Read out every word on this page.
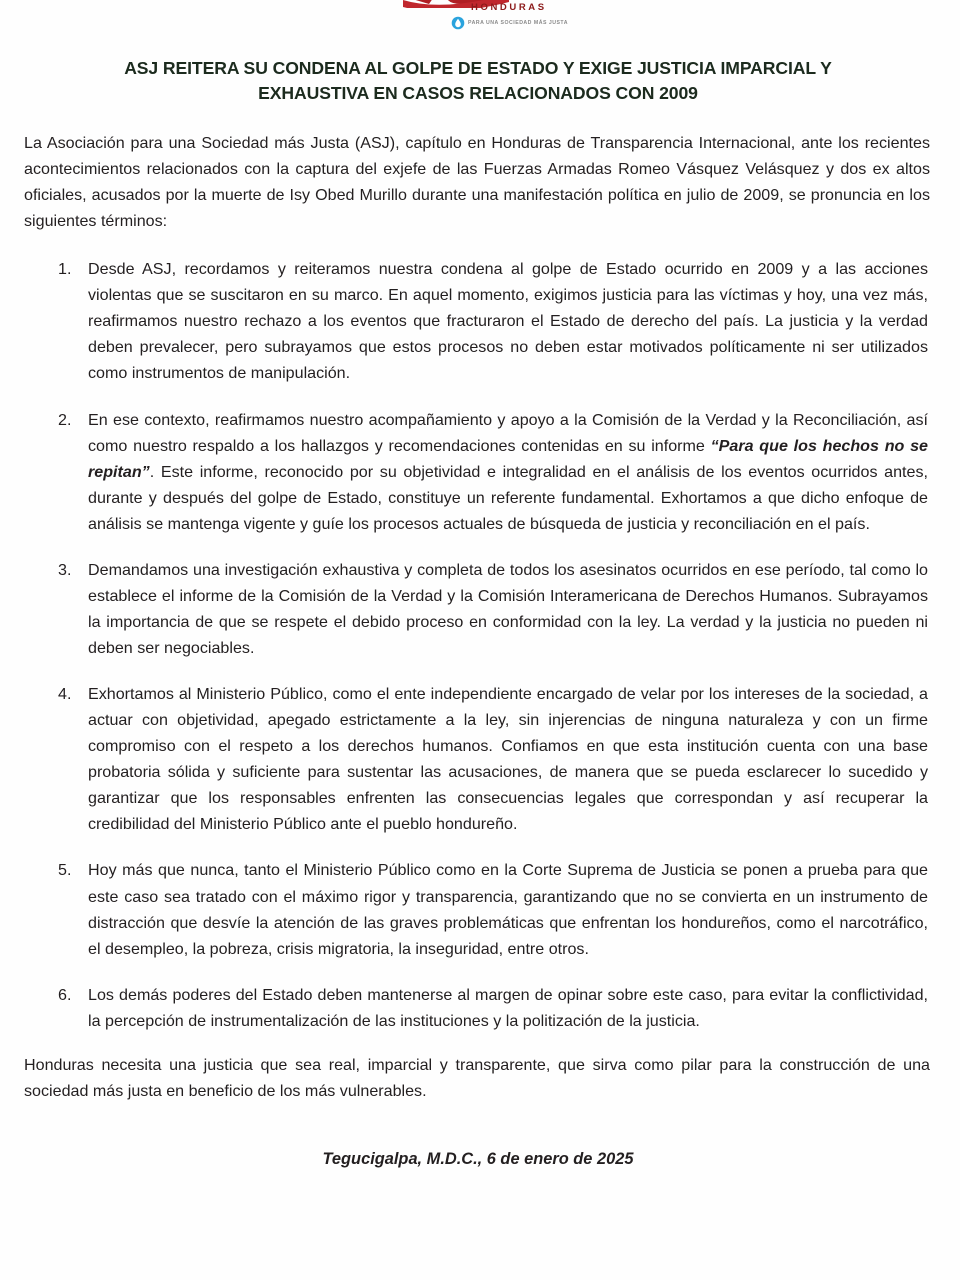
HONDURAS
PARA UNA SOCIEDAD MÁS JUSTA
ASJ REITERA SU CONDENA AL GOLPE DE ESTADO Y EXIGE JUSTICIA IMPARCIAL Y EXHAUSTIVA EN CASOS RELACIONADOS CON 2009

La Asociación para una Sociedad más Justa (ASJ), capítulo en Honduras de Transparencia Internacional, ante los recientes acontecimientos relacionados con la captura del exjefe de las Fuerzas Armadas Romeo Vásquez Velásquez y dos ex altos oficiales, acusados por la muerte de Isy Obed Murillo durante una manifestación política en julio de 2009, se pronuncia en los siguientes términos:

Desde ASJ, recordamos y reiteramos nuestra condena al golpe de Estado ocurrido en 2009 y a las acciones violentas que se suscitaron en su marco. En aquel momento, exigimos justicia para las víctimas y hoy, una vez más, reafirmamos nuestro rechazo a los eventos que fracturaron el Estado de derecho del país. La justicia y la verdad deben prevalecer, pero subrayamos que estos procesos no deben estar motivados políticamente ni ser utilizados como instrumentos de manipulación.
En ese contexto, reafirmamos nuestro acompañamiento y apoyo a la Comisión de la Verdad y la Reconciliación, así como nuestro respaldo a los hallazgos y recomendaciones contenidas en su informe “Para que los hechos no se repitan”. Este informe, reconocido por su objetividad e integralidad en el análisis de los eventos ocurridos antes, durante y después del golpe de Estado, constituye un referente fundamental. Exhortamos a que dicho enfoque de análisis se mantenga vigente y guíe los procesos actuales de búsqueda de justicia y reconciliación en el país.
Demandamos una investigación exhaustiva y completa de todos los asesinatos ocurridos en ese período, tal como lo establece el informe de la Comisión de la Verdad y la Comisión Interamericana de Derechos Humanos. Subrayamos la importancia de que se respete el debido proceso en conformidad con la ley. La verdad y la justicia no pueden ni deben ser negociables.
Exhortamos al Ministerio Público, como el ente independiente encargado de velar por los intereses de la sociedad, a actuar con objetividad, apegado estrictamente a la ley, sin injerencias de ninguna naturaleza y con un firme compromiso con el respeto a los derechos humanos. Confiamos en que esta institución cuenta con una base probatoria sólida y suficiente para sustentar las acusaciones, de manera que se pueda esclarecer lo sucedido y garantizar que los responsables enfrenten las consecuencias legales que correspondan y así recuperar la credibilidad del Ministerio Público ante el pueblo hondureño.
Hoy más que nunca, tanto el Ministerio Público como en la Corte Suprema de Justicia se ponen a prueba para que este caso sea tratado con el máximo rigor y transparencia, garantizando que no se convierta en un instrumento de distracción que desvíe la atención de las graves problemáticas que enfrentan los hondureños, como el narcotráfico, el desempleo, la pobreza, crisis migratoria, la inseguridad, entre otros.
Los demás poderes del Estado deben mantenerse al margen de opinar sobre este caso, para evitar la conflictividad, la percepción de instrumentalización de las instituciones y la politización de la justicia.

Honduras necesita una justicia que sea real, imparcial y transparente, que sirva como pilar para la construcción de una sociedad más justa en beneficio de los más vulnerables.

Tegucigalpa, M.D.C., 6 de enero de 2025
